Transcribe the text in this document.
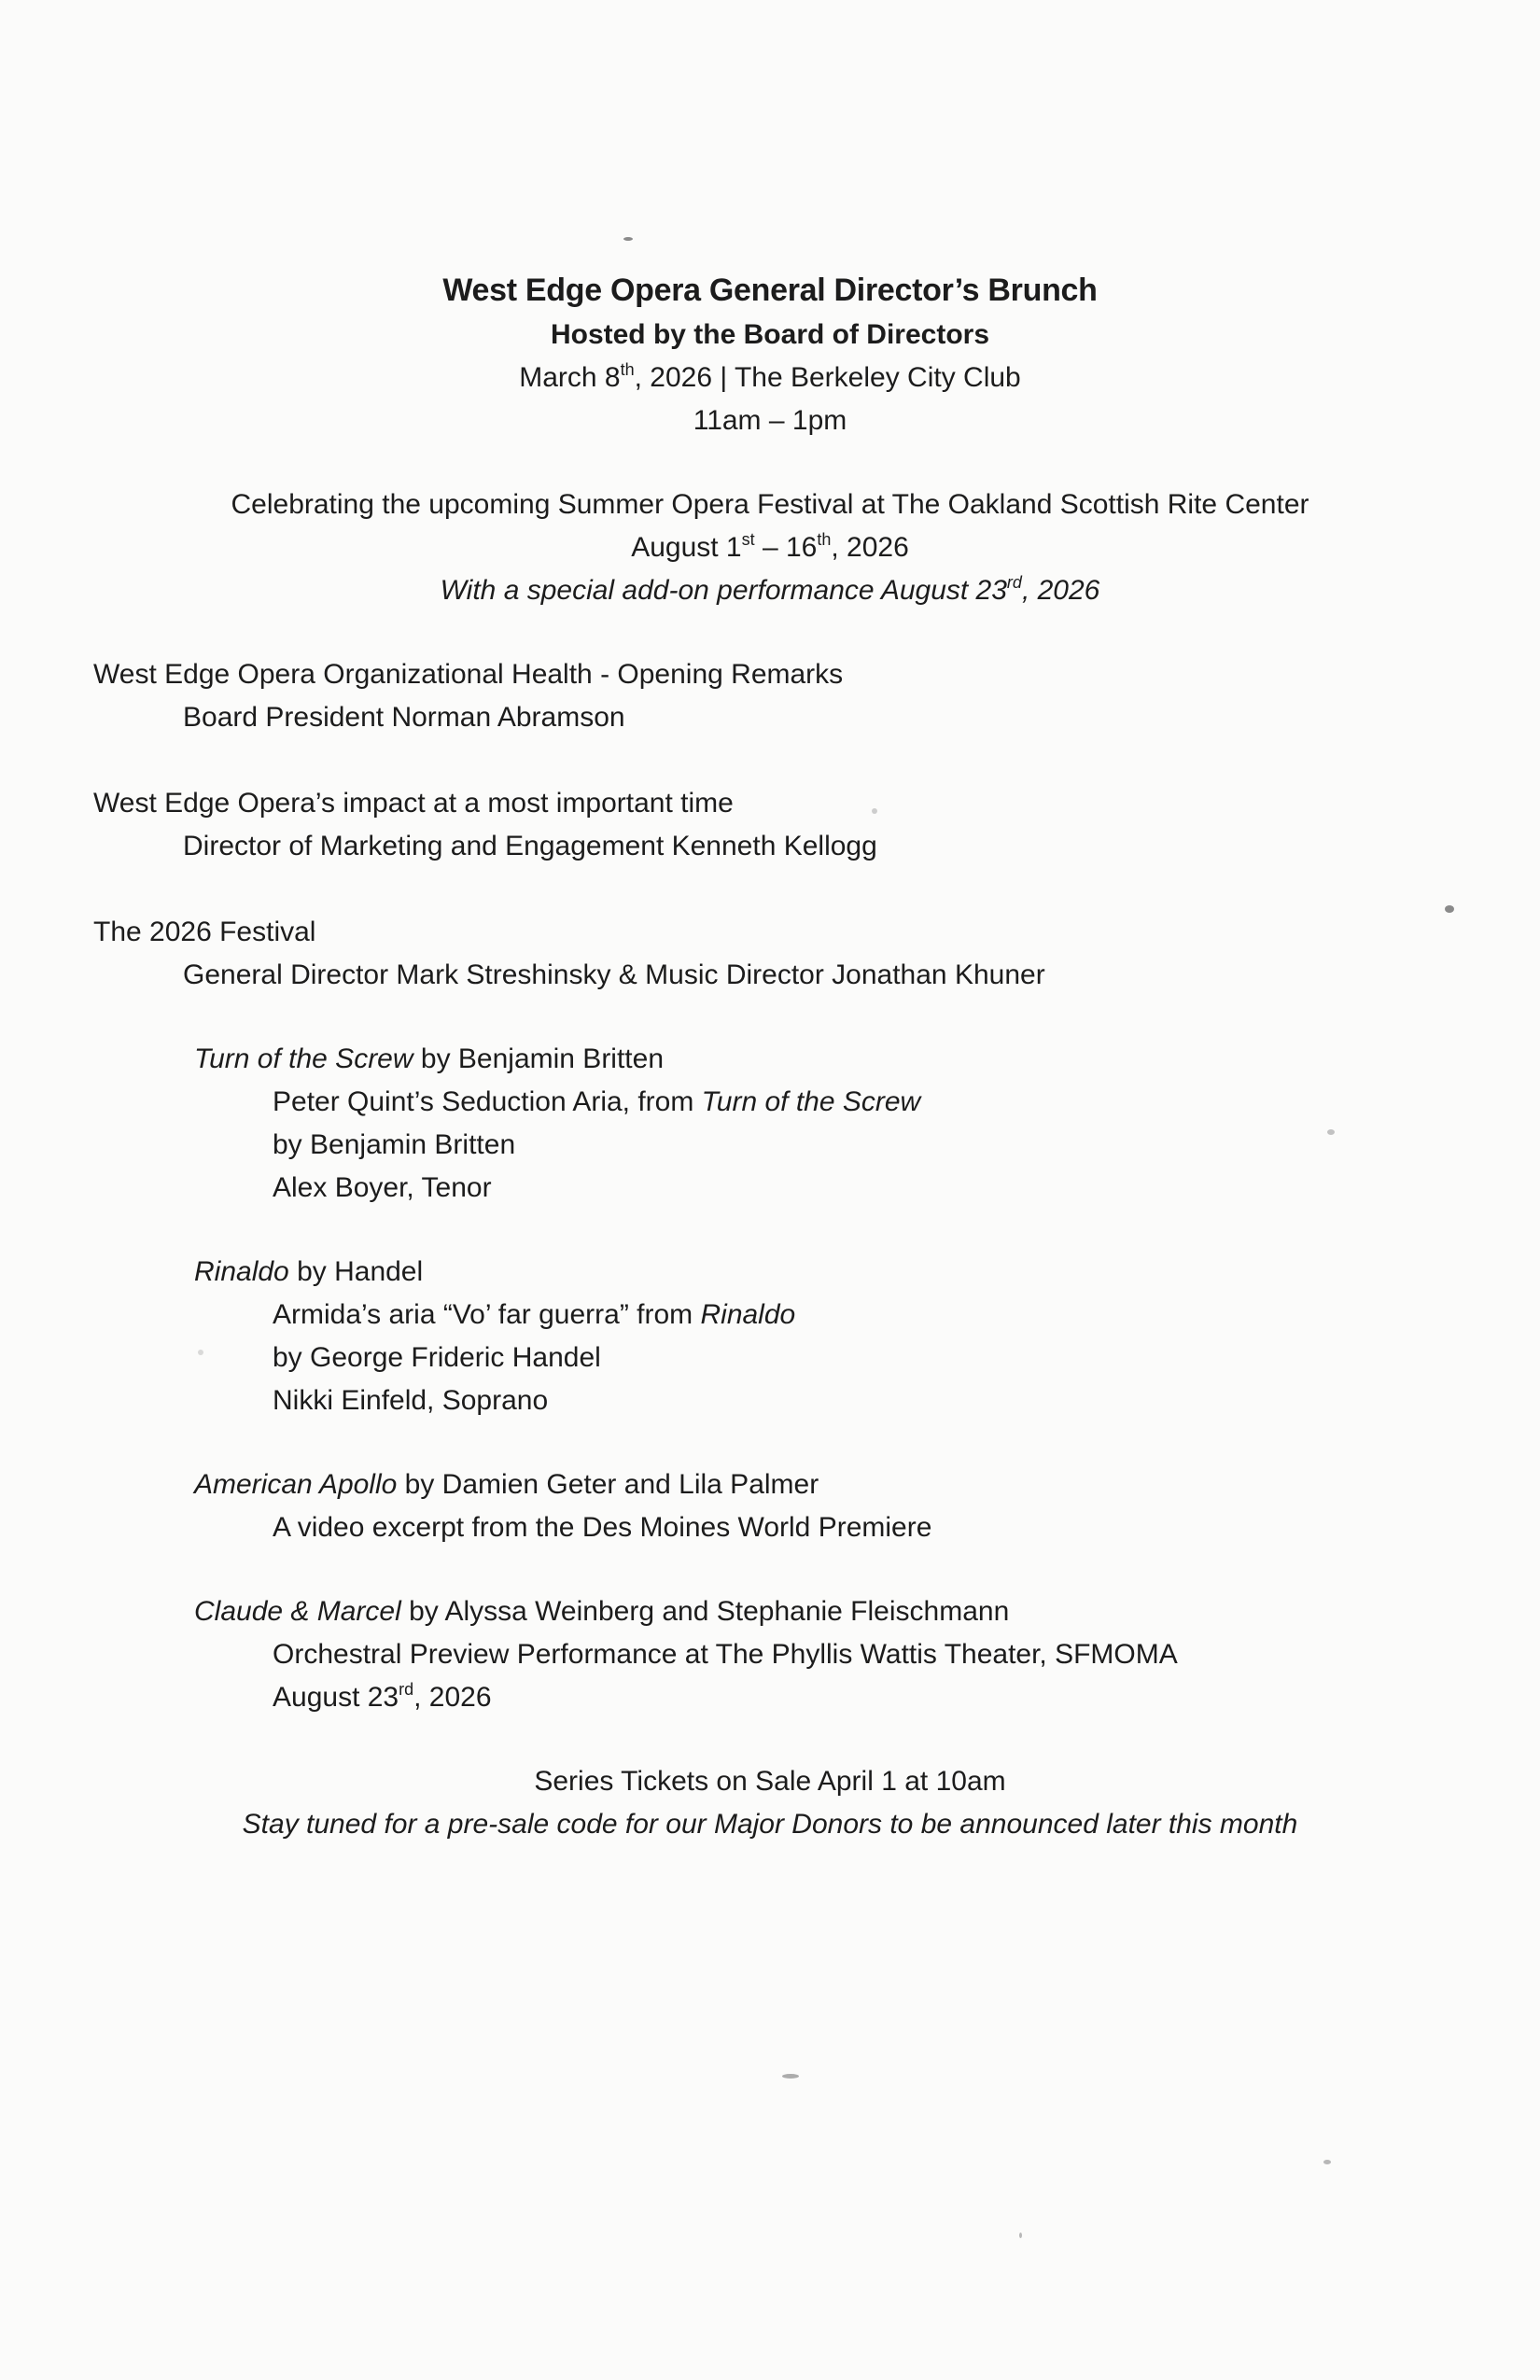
West Edge Opera General Director’s Brunch
Hosted by the Board of Directors
March 8th, 2026 | The Berkeley City Club
11am – 1pm
Celebrating the upcoming Summer Opera Festival at The Oakland Scottish Rite Center
August 1st – 16th, 2026
With a special add-on performance August 23rd, 2026
West Edge Opera Organizational Health - Opening Remarks
Board President Norman Abramson
West Edge Opera’s impact at a most important time
Director of Marketing and Engagement Kenneth Kellogg
The 2026 Festival
General Director Mark Streshinsky & Music Director Jonathan Khuner
Turn of the Screw by Benjamin Britten
Peter Quint’s Seduction Aria, from Turn of the Screw
by Benjamin Britten
Alex Boyer, Tenor
Rinaldo by Handel
Armida’s aria “Vo’ far guerra” from Rinaldo
by George Frideric Handel
Nikki Einfeld, Soprano
American Apollo by Damien Geter and Lila Palmer
A video excerpt from the Des Moines World Premiere
Claude & Marcel by Alyssa Weinberg and Stephanie Fleischmann
Orchestral Preview Performance at The Phyllis Wattis Theater, SFMOMA
August 23rd, 2026
Series Tickets on Sale April 1 at 10am
Stay tuned for a pre-sale code for our Major Donors to be announced later this month
